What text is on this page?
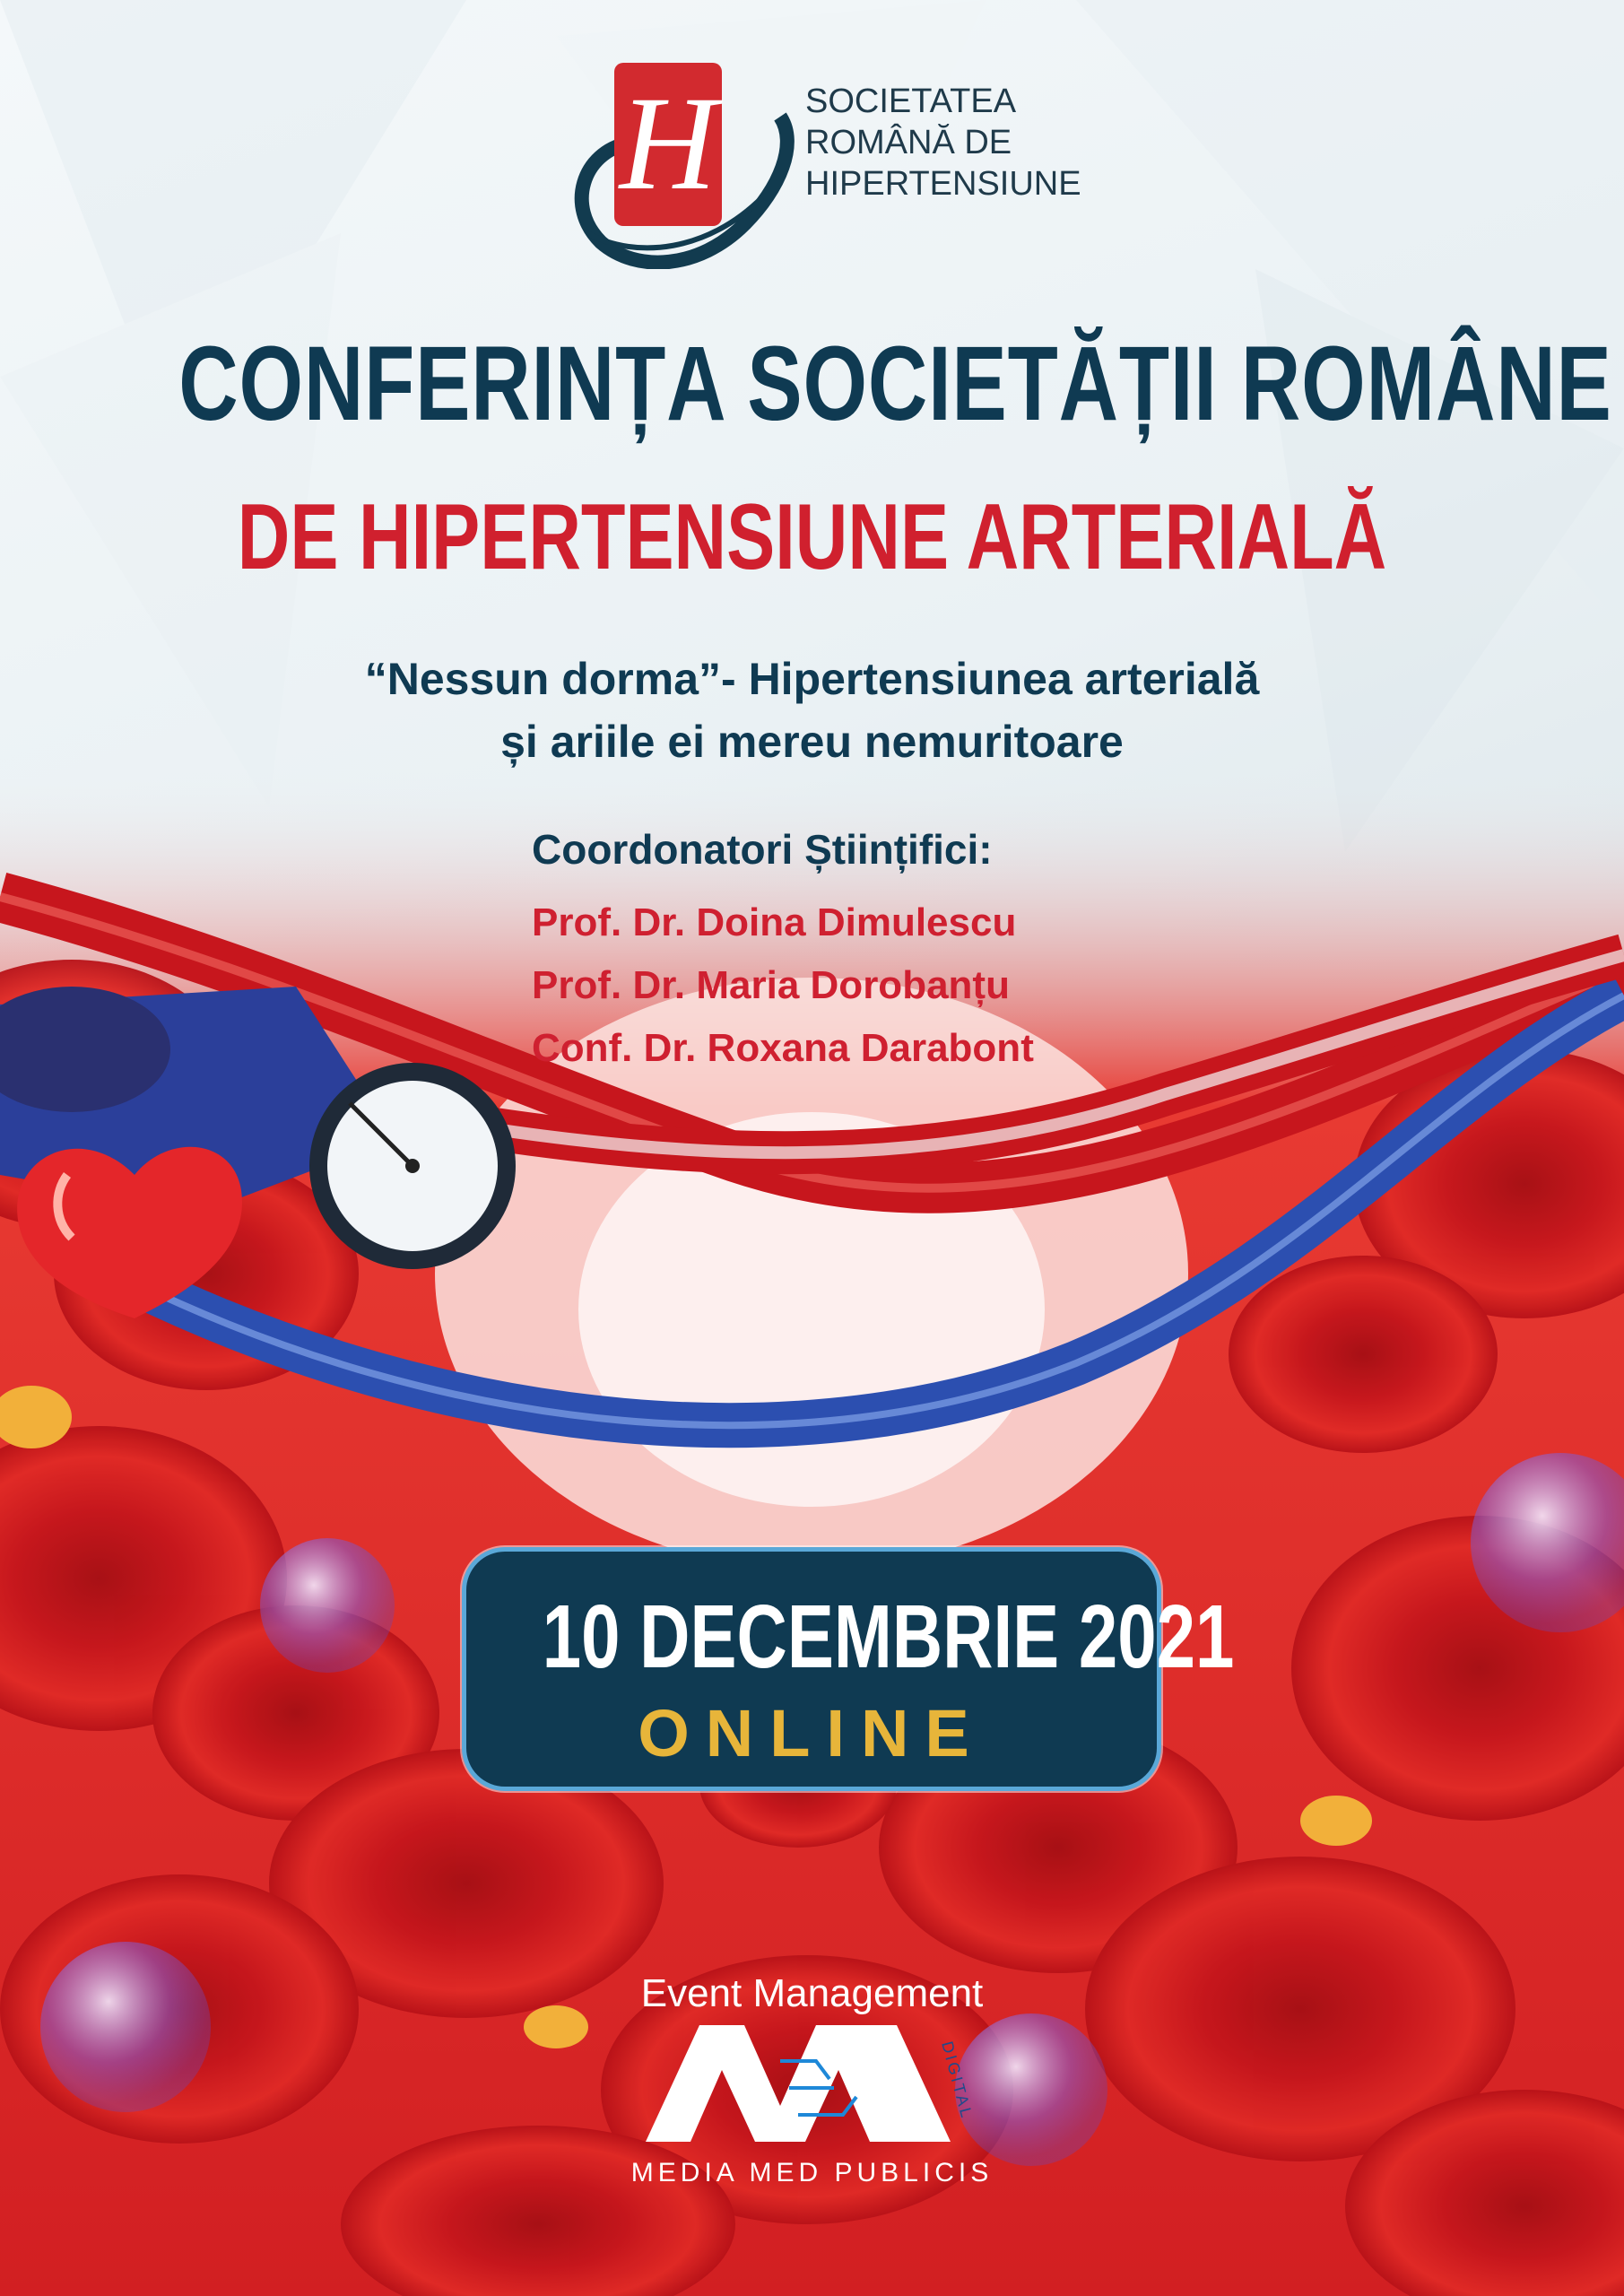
H	SOCIETATEA
ROMÂNĂ DE
HIPERTENSIUNE
CONFERINȚA SOCIETĂȚII ROMÂNE
DE HIPERTENSIUNE ARTERIALĂ
“Nessun dorma”- Hipertensiunea arterială
și ariile ei mereu nemuritoare
Coordonatori Științifici:
Prof. Dr. Doina Dimulescu
Prof. Dr. Maria Dorobanțu
Conf. Dr. Roxana Darabont
10 DECEMBRIE 2021
ONLINE
Event Management
DIGITAL
MEDIA MED PUBLICIS
